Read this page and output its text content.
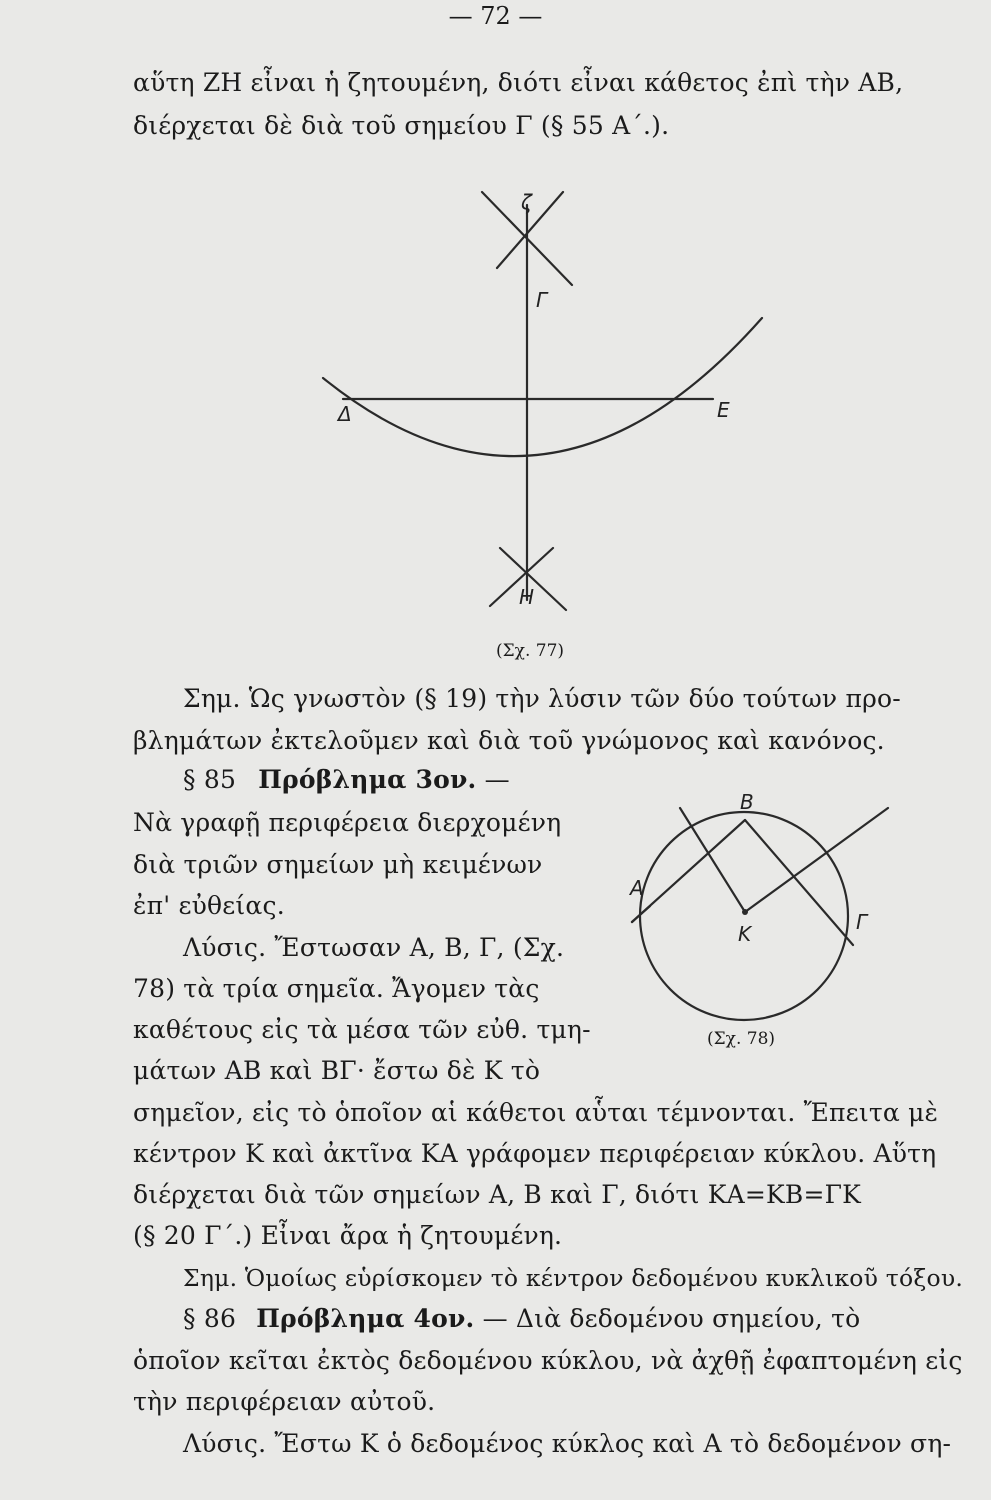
— 72 —
αὕτη ΖΗ εἶναι ἡ ζητουμένη, διότι εἶναι κάθετος ἐπὶ τὴν ΑΒ,
διέρχεται δὲ διὰ τοῦ σημείου Γ (§ 55 Α΄.).
ζ
Γ
Δ	Ε
Η
(Σχ. 77)
Σημ. Ὡς γνωστὸν (§ 19) τὴν λύσιν τῶν δύο τούτων προ-
βλημάτων ἐκτελοῦμεν καὶ διὰ τοῦ γνώμονος καὶ κανόνος.
§ 85 Πρόβλημα 3ον. —
Νὰ γραφῇ περιφέρεια διερχομένη
διὰ τριῶν σημείων μὴ κειμένων
ἐπ' εὐθείας.
Λύσις. Ἔστωσαν Α, Β, Γ, (Σχ.
78) τὰ τρία σημεῖα. Ἄγομεν τὰς
καθέτους εἰς τὰ μέσα τῶν εὐθ. τμη-
μάτων ΑΒ καὶ ΒΓ· ἔστω δὲ Κ τὸ
Β
Α
Κ	Γ
(Σχ. 78)
σημεῖον, εἰς τὸ ὁποῖον αἱ κάθετοι αὗται τέμνονται. Ἔπειτα μὲ
κέντρον Κ καὶ ἀκτῖνα ΚΑ γράφομεν περιφέρειαν κύκλου. Αὕτη
διέρχεται διὰ τῶν σημείων Α, Β καὶ Γ, διότι ΚΑ=ΚΒ=ΓΚ
(§ 20 Γ΄.) Εἶναι ἄρα ἡ ζητουμένη.
Σημ. Ὁμοίως εὑρίσκομεν τὸ κέντρον δεδομένου κυκλικοῦ τόξου.
§ 86 Πρόβλημα 4ον. — Διὰ δεδομένου σημείου, τὸ
ὁποῖον κεῖται ἐκτὸς δεδομένου κύκλου, νὰ ἀχθῇ ἐφαπτομένη εἰς
τὴν περιφέρειαν αὐτοῦ.
Λύσις. Ἔστω Κ ὁ δεδομένος κύκλος καὶ Α τὸ δεδομένον ση-
